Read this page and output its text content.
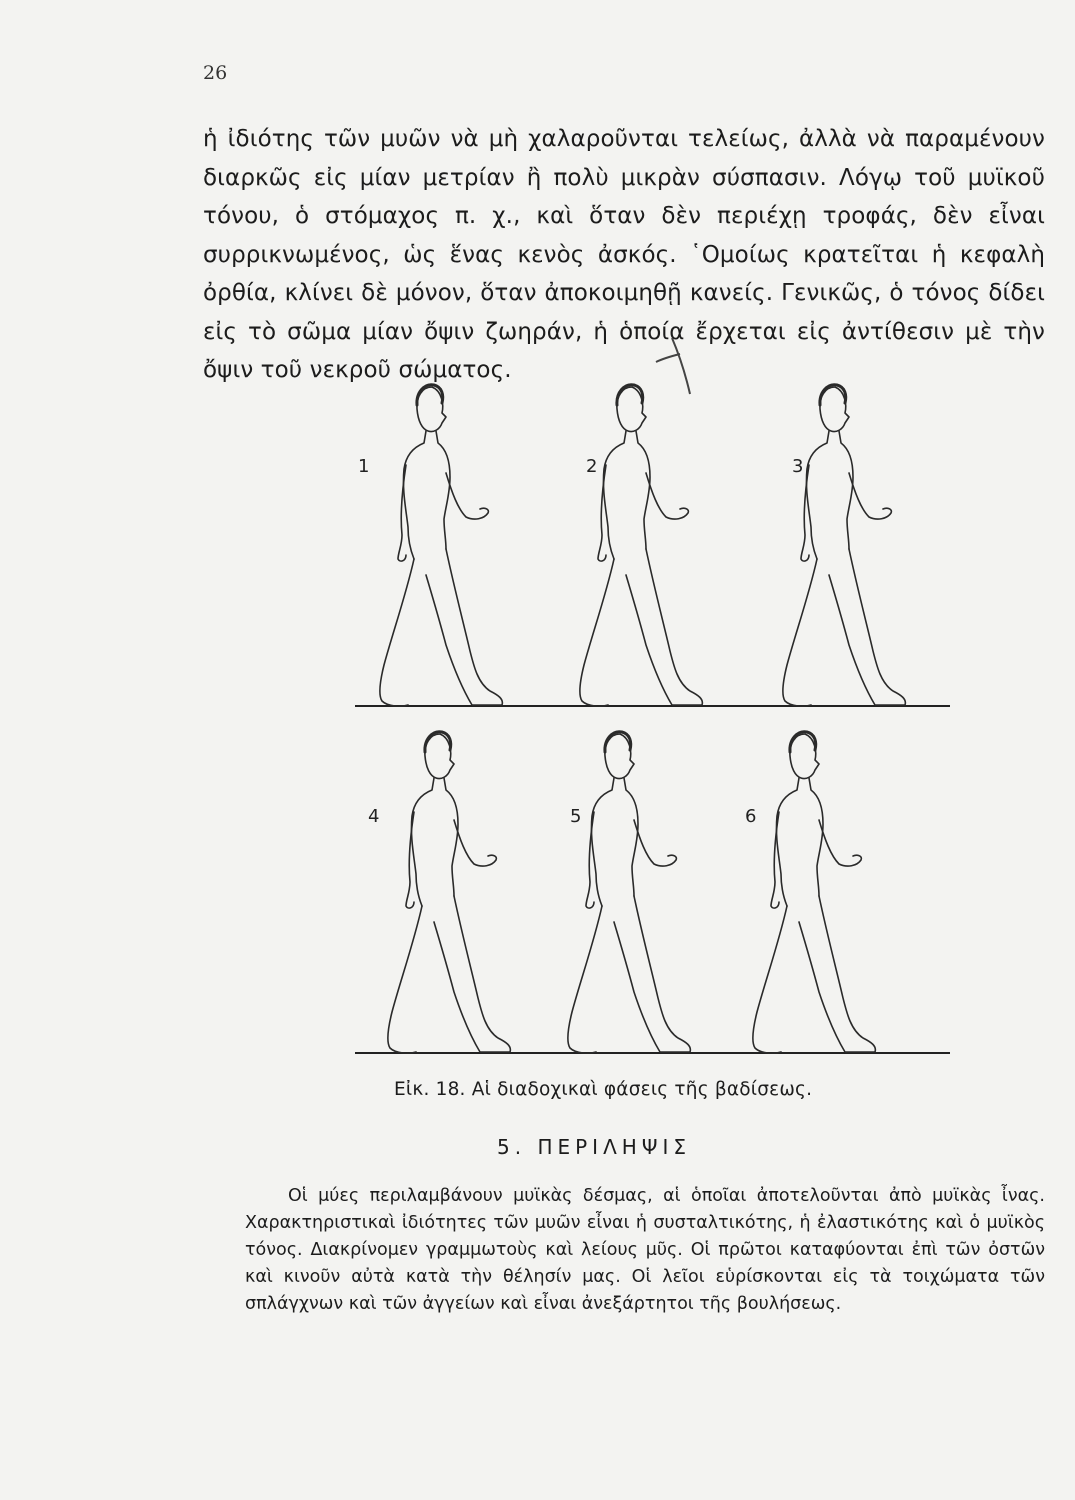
26

ἡ ἰδιότης τῶν μυῶν νὰ μὴ χαλαροῦνται τελείως, ἀλλὰ νὰ παραμένουν διαρκῶς εἰς μίαν μετρίαν ἢ πολὺ μικρὰν σύσπασιν. Λόγῳ τοῦ μυϊκοῦ τόνου, ὁ στόμαχος π. χ., καὶ ὅταν δὲν περιέχῃ τροφάς, δὲν εἶναι συρρικνωμένος, ὡς ἕνας κενὸς ἀσκός. ῾Ομοίως κρατεῖται ἡ κεφαλὴ ὀρθία, κλίνει δὲ μόνον, ὅταν ἀποκοιμηθῇ κανείς. Γενικῶς, ὁ τόνος δίδει εἰς τὸ σῶμα μίαν ὄψιν ζωηράν, ἡ ὁποία ἔρχεται εἰς ἀντίθεσιν μὲ τὴν ὄψιν τοῦ νεκροῦ σώματος.

1	2	3
4	5	6
Εἰκ. 18. Αἱ διαδοχικαὶ φάσεις τῆς βαδίσεως.
5. ΠΕΡΙΛΗΨΙΣ

Οἱ μύες περιλαμβάνουν μυϊκὰς δέσμας, αἱ ὁποῖαι ἀποτελοῦνται ἀπὸ μυϊκὰς ἶνας. Χαρακτηριστικαὶ ἰδιότητες τῶν μυῶν εἶναι ἡ συσταλτικότης, ἡ ἐλαστικότης καὶ ὁ μυϊκὸς τόνος. Διακρίνομεν γραμμωτοὺς καὶ λείους μῦς. Οἱ πρῶτοι καταφύονται ἐπὶ τῶν ὀστῶν καὶ κινοῦν αὐτὰ κατὰ τὴν θέλησίν μας. Οἱ λεῖοι εὑρίσκονται εἰς τὰ τοιχώματα τῶν σπλάγχνων καὶ τῶν ἀγγείων καὶ εἶναι ἀνεξάρτητοι τῆς βουλήσεως.
